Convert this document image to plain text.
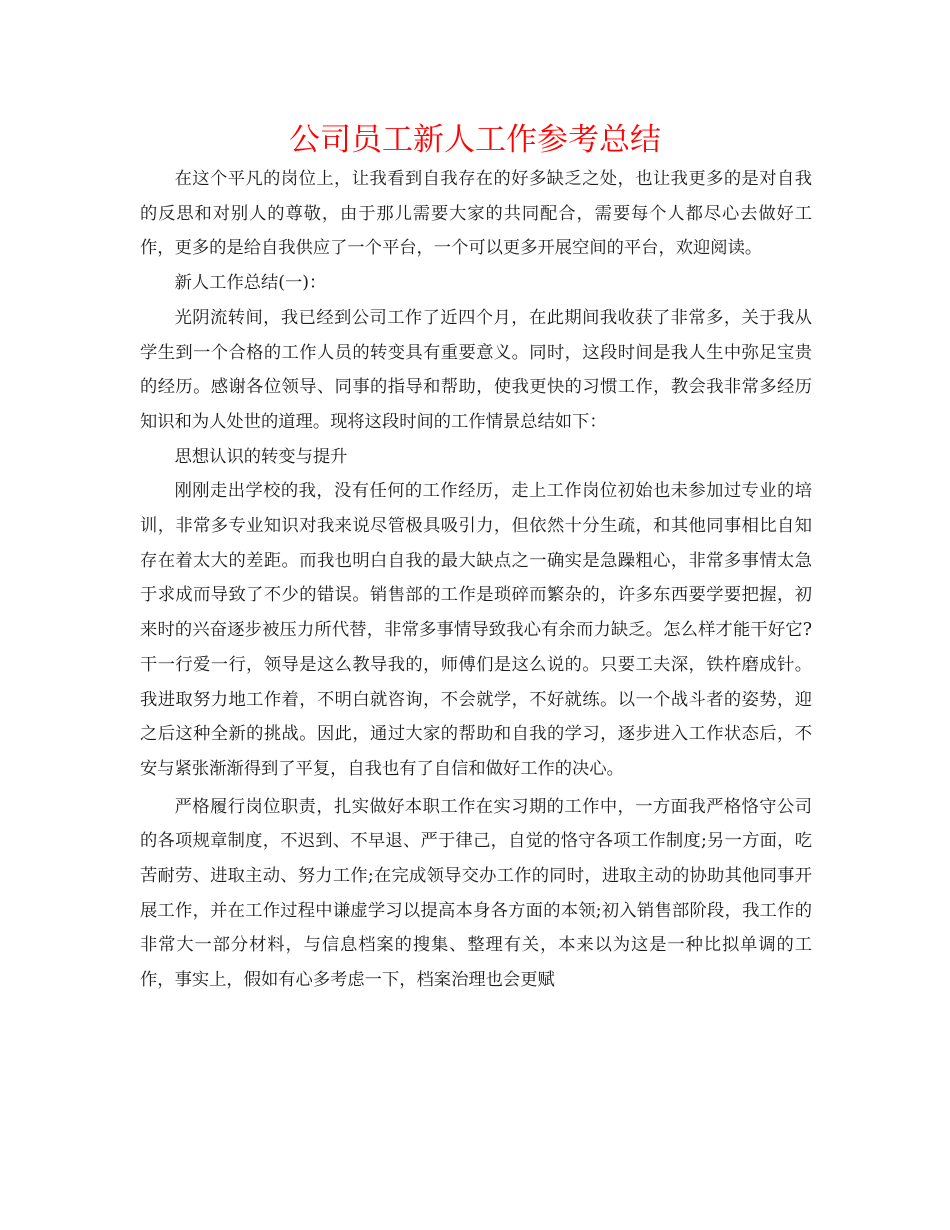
公司员工新人工作参考总结

在这个平凡的岗位上，让我看到自我存在的好多缺乏之处，也让我更多的是对自我的反思和对别人的尊敬，由于那儿需要大家的共同配合，需要每个人都尽心去做好工作，更多的是给自我供应了一个平台，一个可以更多开展空间的平台，欢迎阅读。

新人工作总结(一)：

光阴流转间，我已经到公司工作了近四个月，在此期间我收获了非常多，关于我从学生到一个合格的工作人员的转变具有重要意义。同时，这段时间是我人生中弥足宝贵的经历。感谢各位领导、同事的指导和帮助，使我更快的习惯工作，教会我非常多经历知识和为人处世的道理。现将这段时间的工作情景总结如下：

思想认识的转变与提升

刚刚走出学校的我，没有任何的工作经历，走上工作岗位初始也未参加过专业的培训，非常多专业知识对我来说尽管极具吸引力，但依然十分生疏，和其他同事相比自知存在着太大的差距。而我也明白自我的最大缺点之一确实是急躁粗心，非常多事情太急于求成而导致了不少的错误。销售部的工作是琐碎而繁杂的，许多东西要学要把握，初来时的兴奋逐步被压力所代替，非常多事情导致我心有余而力缺乏。怎么样才能干好它?干一行爱一行，领导是这么教导我的，师傅们是这么说的。只要工夫深，铁杵磨成针。我进取努力地工作着，不明白就咨询，不会就学，不好就练。以一个战斗者的姿势，迎之后这种全新的挑战。因此，通过大家的帮助和自我的学习，逐步进入工作状态后，不安与紧张渐渐得到了平复，自我也有了自信和做好工作的决心。

严格履行岗位职责，扎实做好本职工作在实习期的工作中，一方面我严格恪守公司的各项规章制度，不迟到、不早退、严于律己，自觉的恪守各项工作制度;另一方面，吃苦耐劳、进取主动、努力工作;在完成领导交办工作的同时，进取主动的协助其他同事开展工作，并在工作过程中谦虚学习以提高本身各方面的本领;初入销售部阶段，我工作的非常大一部分材料，与信息档案的搜集、整理有关，本来以为这是一种比拟单调的工作，事实上，假如有心多考虑一下，档案治理也会更赋
